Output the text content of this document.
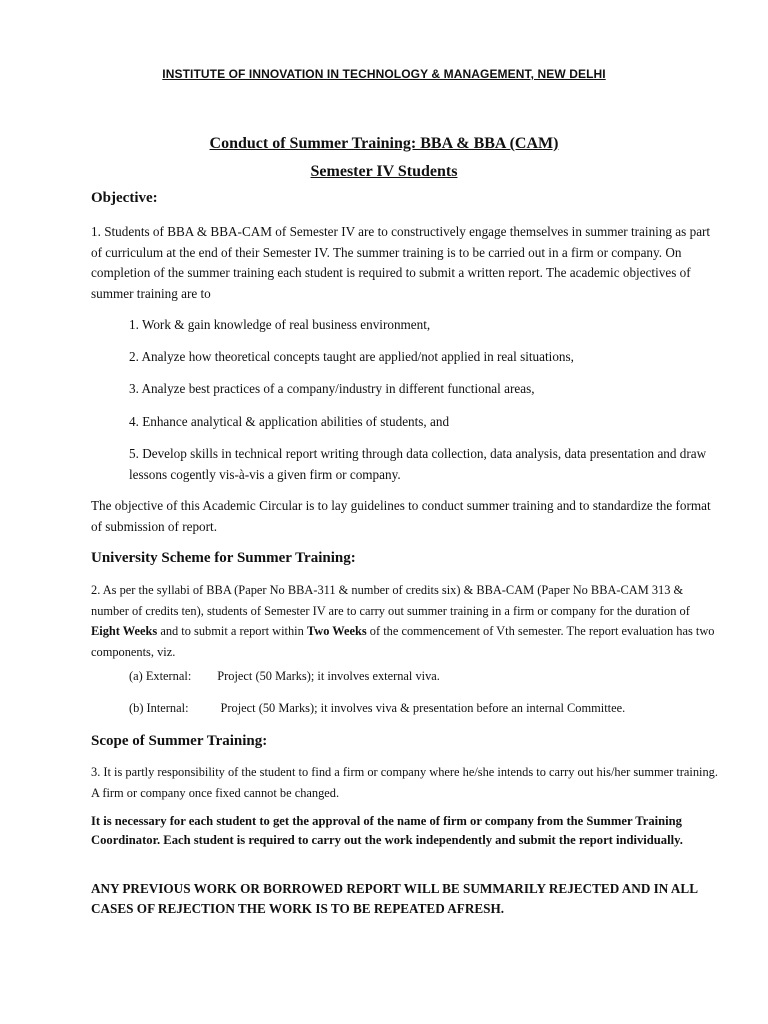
INSTITUTE OF INNOVATION IN TECHNOLOGY & MANAGEMENT, NEW DELHI
Conduct of Summer Training: BBA & BBA (CAM)
Semester IV Students
Objective:
1. Students of BBA & BBA-CAM of Semester IV are to constructively engage themselves in summer training as part of curriculum at the end of their Semester IV. The summer training is to be carried out in a firm or company. On completion of the summer training each student is required to submit a written report. The academic objectives of summer training are to
1. Work & gain knowledge of real business environment,
2. Analyze how theoretical concepts taught are applied/not applied in real situations,
3. Analyze best practices of a company/industry in different functional areas,
4. Enhance analytical & application abilities of students, and
5. Develop skills in technical report writing through data collection, data analysis, data presentation and draw lessons cogently vis-à-vis a given firm or company.
The objective of this Academic Circular is to lay guidelines to conduct summer training and to standardize the format of submission of report.
University Scheme for Summer Training:
2. As per the syllabi of BBA (Paper No BBA-311 & number of credits six) & BBA-CAM (Paper No BBA-CAM 313 & number of credits ten), students of Semester IV are to carry out summer training in a firm or company for the duration of Eight Weeks and to submit a report within Two Weeks of the commencement of Vth semester. The report evaluation has two components, viz.
(a) External: Project (50 Marks); it involves external viva.
(b) Internal:	Project (50 Marks); it involves viva & presentation before an internal Committee.
Scope of Summer Training:
3. It is partly responsibility of the student to find a firm or company where he/she intends to carry out his/her summer training. A firm or company once fixed cannot be changed.
It is necessary for each student to get the approval of the name of firm or company from the Summer Training Coordinator. Each student is required to carry out the work independently and submit the report individually.
ANY PREVIOUS WORK OR BORROWED REPORT WILL BE SUMMARILY REJECTED AND IN ALL CASES OF REJECTION THE WORK IS TO BE REPEATED AFRESH.
